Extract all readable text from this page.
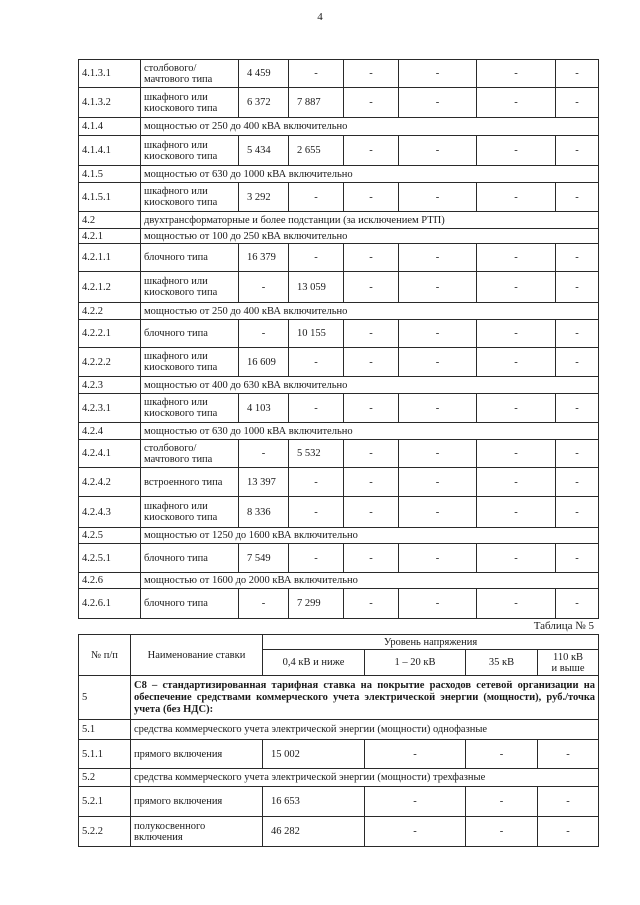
4
4.1.3.1	столбового/
мачтового типа	4 459	-	-	-	-	-
4.1.3.2	шкафного или
киоскового типа	6 372	7 887	-	-	-	-
4.1.4	мощностью от 250 до 400 кВА включительно						
4.1.4.1	шкафного или
киоскового типа	5 434	2 655	-	-	-	-
4.1.5	мощностью от 630 до 1000 кВА включительно						
4.1.5.1	шкафного или
киоскового типа	3 292	-	-	-	-	-
4.2	двухтрансформаторные и более подстанции (за исключением РТП)						
4.2.1	мощностью от 100 до 250 кВА включительно						
4.2.1.1	блочного типа	16 379	-	-	-	-	-
4.2.1.2	шкафного или
киоскового типа	-	13 059	-	-	-	-
4.2.2	мощностью от 250 до 400 кВА включительно						
4.2.2.1	блочного типа	-	10 155	-	-	-	-
4.2.2.2	шкафного или
киоскового типа	16 609	-	-	-	-	-
4.2.3	мощностью от 400 до 630 кВА включительно						
4.2.3.1	шкафного или
киоскового типа	4 103	-	-	-	-	-
4.2.4	мощностью от 630 до 1000 кВА включительно						
4.2.4.1	столбового/
мачтового типа	-	5 532	-	-	-	-
4.2.4.2	встроенного типа	13 397	-	-	-	-	-
4.2.4.3	шкафного или
киоскового типа	8 336	-	-	-	-	-
4.2.5	мощностью от 1250 до 1600 кВА включительно						
4.2.5.1	блочного типа	7 549	-	-	-	-	-
4.2.6	мощностью от 1600 до 2000 кВА включительно						
4.2.6.1	блочного типа	-	7 299	-	-	-	-
Таблица № 5
№ п/п	Наименование ставки	Уровень напряжения			
		0,4 кВ и ниже	1 – 20 кВ	35 кВ	110 кВ
и выше
5	С8 – стандартизированная тарифная ставка на покрытие расходов сетевой организации на обеспечение средствами коммерческого учета электрической энергии (мощности), руб./точка учета (без НДС):				
5.1	средства коммерческого учета электрической энергии (мощности) однофазные				
5.1.1	прямого включения	15 002	-	-	-
5.2	средства коммерческого учета электрической энергии (мощности) трехфазные				
5.2.1	прямого включения	16 653	-	-	-
5.2.2	полукосвенного
включения	46 282	-	-	-
